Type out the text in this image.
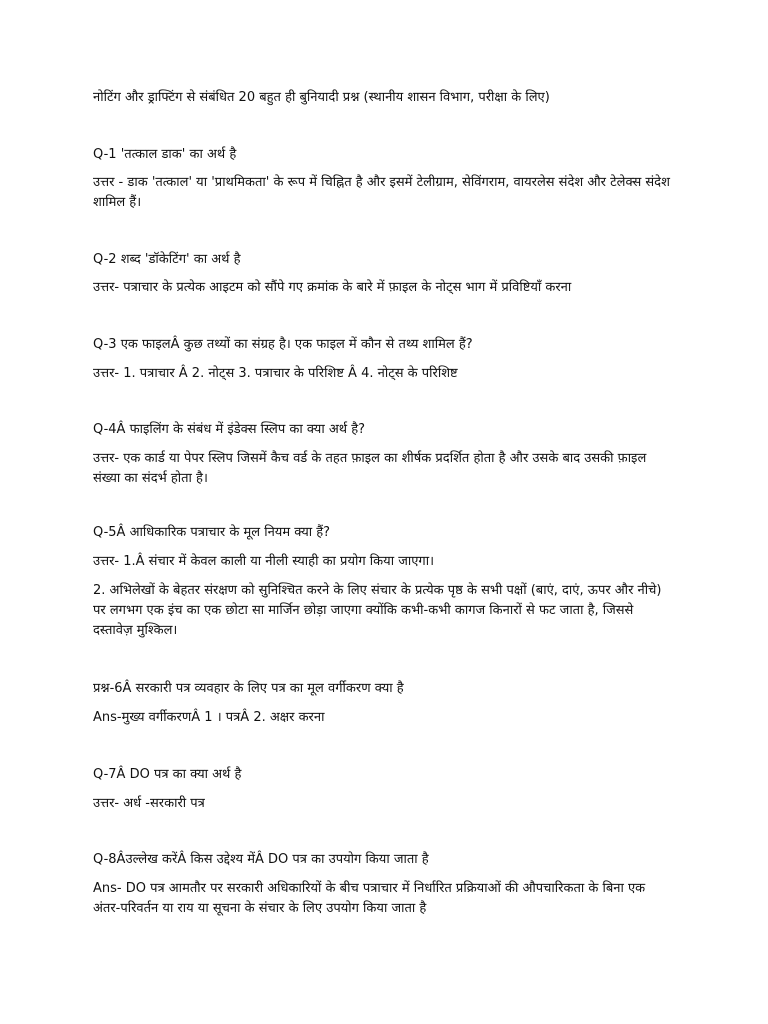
नोटिंग और ड्राफ्टिंग से संबंधित 20 बहुत ही बुनियादी प्रश्न (स्थानीय शासन विभाग, परीक्षा के लिए)
Q-1 'तत्काल डाक' का अर्थ है
उत्तर - डाक 'तत्काल' या 'प्राथमिकता' के रूप में चिह्नित है और इसमें टेलीग्राम, सेविंगराम, वायरलेस संदेश और टेलेक्स संदेश शामिल हैं।
Q-2 शब्द 'डॉकेटिंग' का अर्थ है
उत्तर- पत्राचार के प्रत्येक आइटम को सौंपे गए क्रमांक के बारे में फ़ाइल के नोट्स भाग में प्रविष्टियाँ करना
Q-3 एक फाइलÂ कुछ तथ्यों का संग्रह है। एक फाइल में कौन से तथ्य शामिल हैं?
उत्तर- 1. पत्राचार Â 2. नोट्स 3. पत्राचार के परिशिष्ट Â 4. नोट्स के परिशिष्ट
Q-4Â फाइलिंग के संबंध में इंडेक्स स्लिप का क्या अर्थ है?
उत्तर- एक कार्ड या पेपर स्लिप जिसमें कैच वर्ड के तहत फ़ाइल का शीर्षक प्रदर्शित होता है और उसके बाद उसकी फ़ाइल संख्या का संदर्भ होता है।
Q-5Â आधिकारिक पत्राचार के मूल नियम क्या हैं?
उत्तर- 1.Â संचार में केवल काली या नीली स्याही का प्रयोग किया जाएगा।
2. अभिलेखों के बेहतर संरक्षण को सुनिश्चित करने के लिए संचार के प्रत्येक पृष्ठ के सभी पक्षों (बाएं, दाएं, ऊपर और नीचे) पर लगभग एक इंच का एक छोटा सा मार्जिन छोड़ा जाएगा क्योंकि कभी-कभी कागज किनारों से फट जाता है, जिससे दस्तावेज़ मुश्किल।
प्रश्न-6Â सरकारी पत्र व्यवहार के लिए पत्र का मूल वर्गीकरण क्या है
Ans-मुख्य वर्गीकरणÂ 1 । पत्रÂ 2. अक्षर करना
Q-7Â DO पत्र का क्या अर्थ है
उत्तर- अर्ध -सरकारी पत्र
Q-8Âउल्लेख करेंÂ किस उद्देश्य मेंÂ DO पत्र का उपयोग किया जाता है
Ans- DO पत्र आमतौर पर सरकारी अधिकारियों के बीच पत्राचार में निर्धारित प्रक्रियाओं की औपचारिकता के बिना एक अंतर-परिवर्तन या राय या सूचना के संचार के लिए उपयोग किया जाता है
